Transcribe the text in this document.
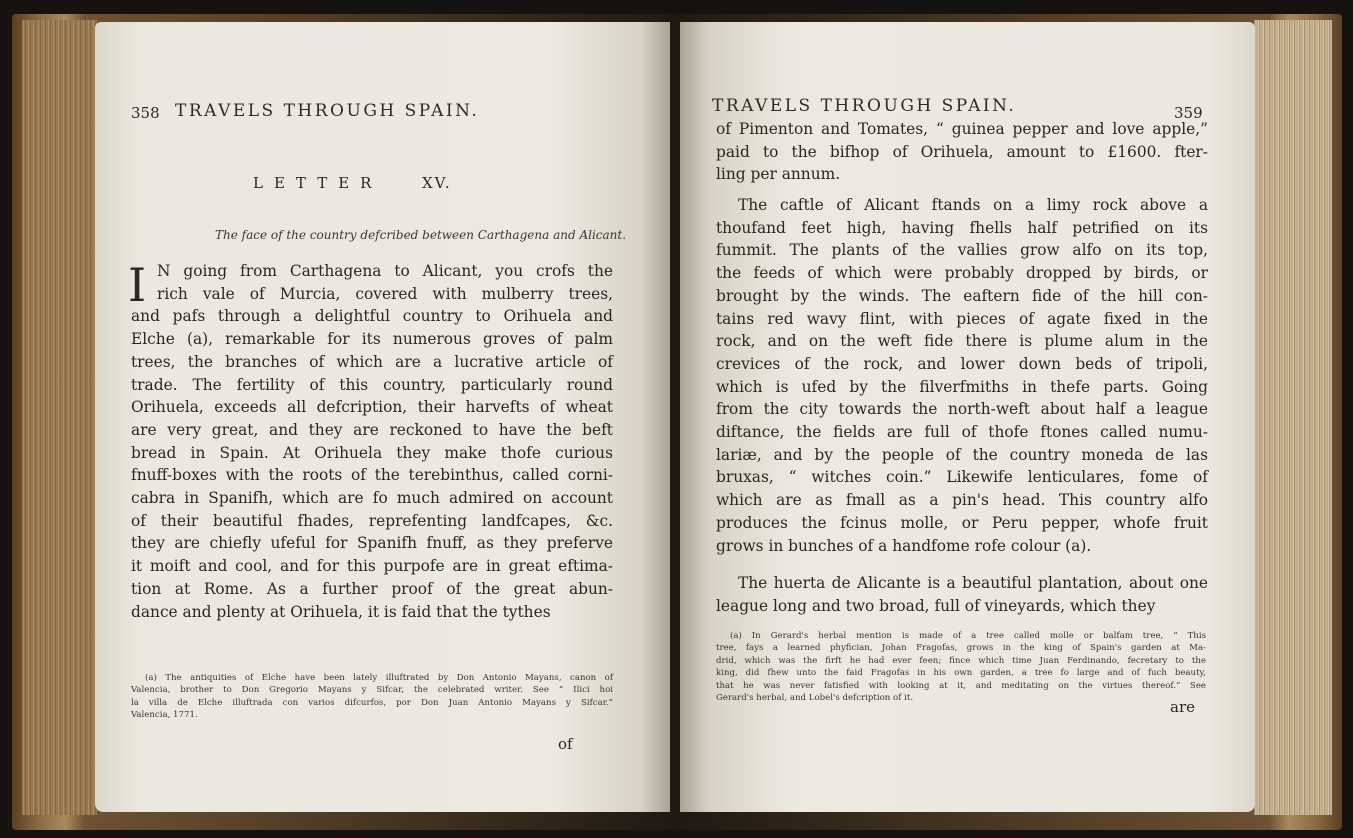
358 TRAVELS THROUGH SPAIN.
LETTER	XV.
The face of the country defcribed between Carthagena and Alicant.
I N going from Carthagena to Alicant, you crofs the
rich vale of Murcia, covered with mulberry trees,
and pafs through a delightful country to Orihuela and
Elche (a), remarkable for its numerous groves of palm
trees, the branches of which are a lucrative article of
trade. The fertility of this country, particularly round
Orihuela, exceeds all defcription, their harvefts of wheat
are very great, and they are reckoned to have the beft
bread in Spain. At Orihuela they make thofe curious
fnuff-boxes with the roots of the terebinthus, called corni-
cabra in Spanifh, which are fo much admired on account
of their beautiful fhades, reprefenting landfcapes, &c.
they are chiefly ufeful for Spanifh fnuff, as they preferve
it moift and cool, and for this purpofe are in great eftima-
tion at Rome. As a further proof of the great abun-
dance and plenty at Orihuela, it is faid that the tythes
(a) The antiquities of Elche have been lately illuftrated by Don Antonio Mayans, canon of
Valencia, brother to Don Gregorio Mayans y Sifcar, the celebrated writer. See “ Ilici hoi
la villa de Elche illuftrada con varios difcurfos, por Don Juan Antonio Mayans y Sifcar.”
Valencia, 1771.
of
TRAVELS THROUGH SPAIN.	359
of Pimenton and Tomates, “ guinea pepper and love apple,”
paid to the bifhop of Orihuela, amount to £1600. fter-
ling per annum.
The caftle of Alicant ftands on a limy rock above a
thoufand feet high, having fhells half petrified on its
fummit. The plants of the vallies grow alfo on its top,
the feeds of which were probably dropped by birds, or
brought by the winds. The eaftern fide of the hill con-
tains red wavy flint, with pieces of agate fixed in the
rock, and on the weft fide there is plume alum in the
crevices of the rock, and lower down beds of tripoli,
which is ufed by the filverfmiths in thefe parts. Going
from the city towards the north-weft about half a league
diftance, the fields are full of thofe ftones called numu-
lariæ, and by the people of the country moneda de las
bruxas, “ witches coin.” Likewife lenticulares, fome of
which are as fmall as a pin's head. This country alfo
produces the fcinus molle, or Peru pepper, whofe fruit
grows in bunches of a handfome rofe colour (a).
The huerta de Alicante is a beautiful plantation, about one
league long and two broad, full of vineyards, which they
(a) In Gerard's herbal mention is made of a tree called molle or balfam tree, “ This
tree, fays a learned phyfician, Johan Fragofas, grows in the king of Spain's garden at Ma-
drid, which was the firft he had ever feen; fince which time Juan Ferdinando, fecretary to the
king, did fhew unto the faid Fragofas in his own garden, a tree fo large and of fuch beauty,
that he was never fatisfied with looking at it, and meditating on the virtues thereof.” See
Gerard's herbal, and Lobel's defcription of it.	are
